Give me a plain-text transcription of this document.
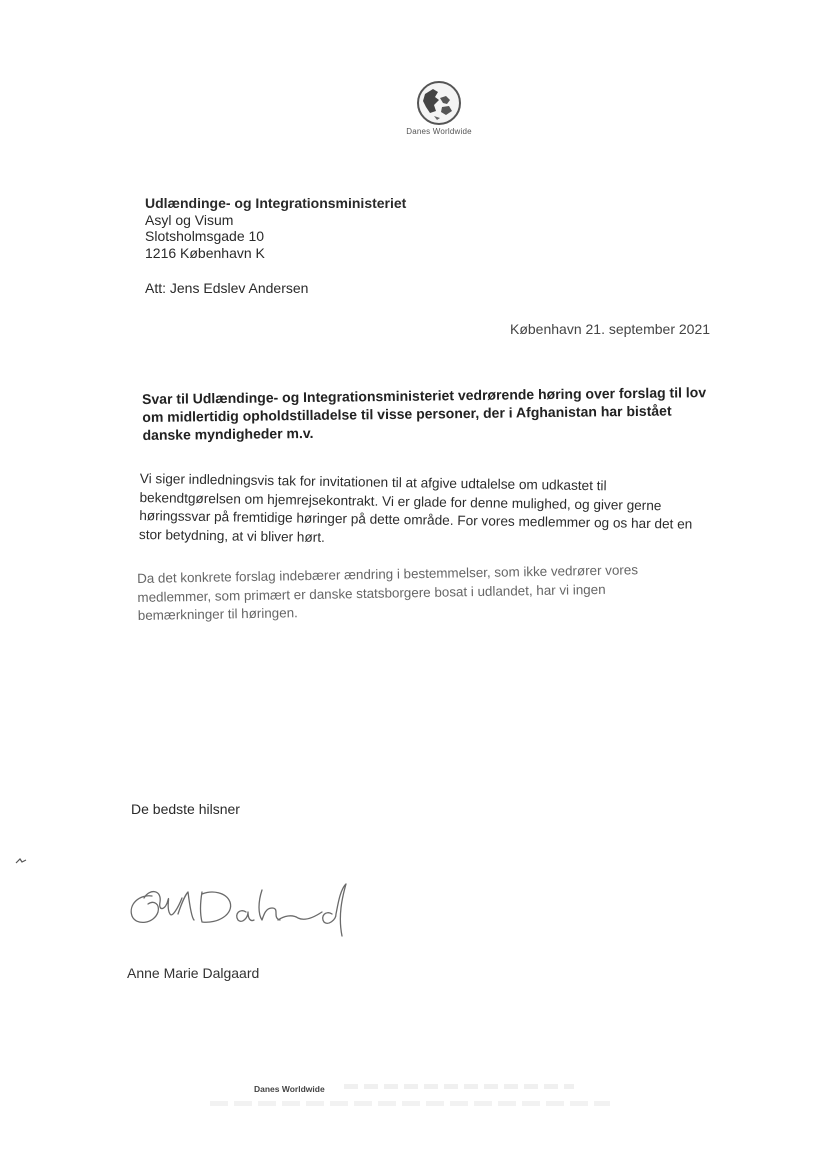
Danes Worldwide
Udlændinge- og Integrationsministeriet
Asyl og Visum
Slotsholmsgade 10
1216 København K
Att: Jens Edslev Andersen
København 21. september 2021
Svar til Udlændinge- og Integrationsministeriet vedrørende høring over forslag til lov om midlertidig opholdstilladelse til visse personer, der i Afghanistan har bistået danske myndigheder m.v.
Vi siger indledningsvis tak for invitationen til at afgive udtalelse om udkastet til bekendtgørelsen om hjemrejsekontrakt. Vi er glade for denne mulighed, og giver gerne høringssvar på fremtidige høringer på dette område. For vores medlemmer og os har det en stor betydning, at vi bliver hørt.
Da det konkrete forslag indebærer ændring i bestemmelser, som ikke vedrører vores medlemmer, som primært er danske statsborgere bosat i udlandet, har vi ingen bemærkninger til høringen.
De bedste hilsner
Anne Marie Dalgaard
Danes Worldwide
